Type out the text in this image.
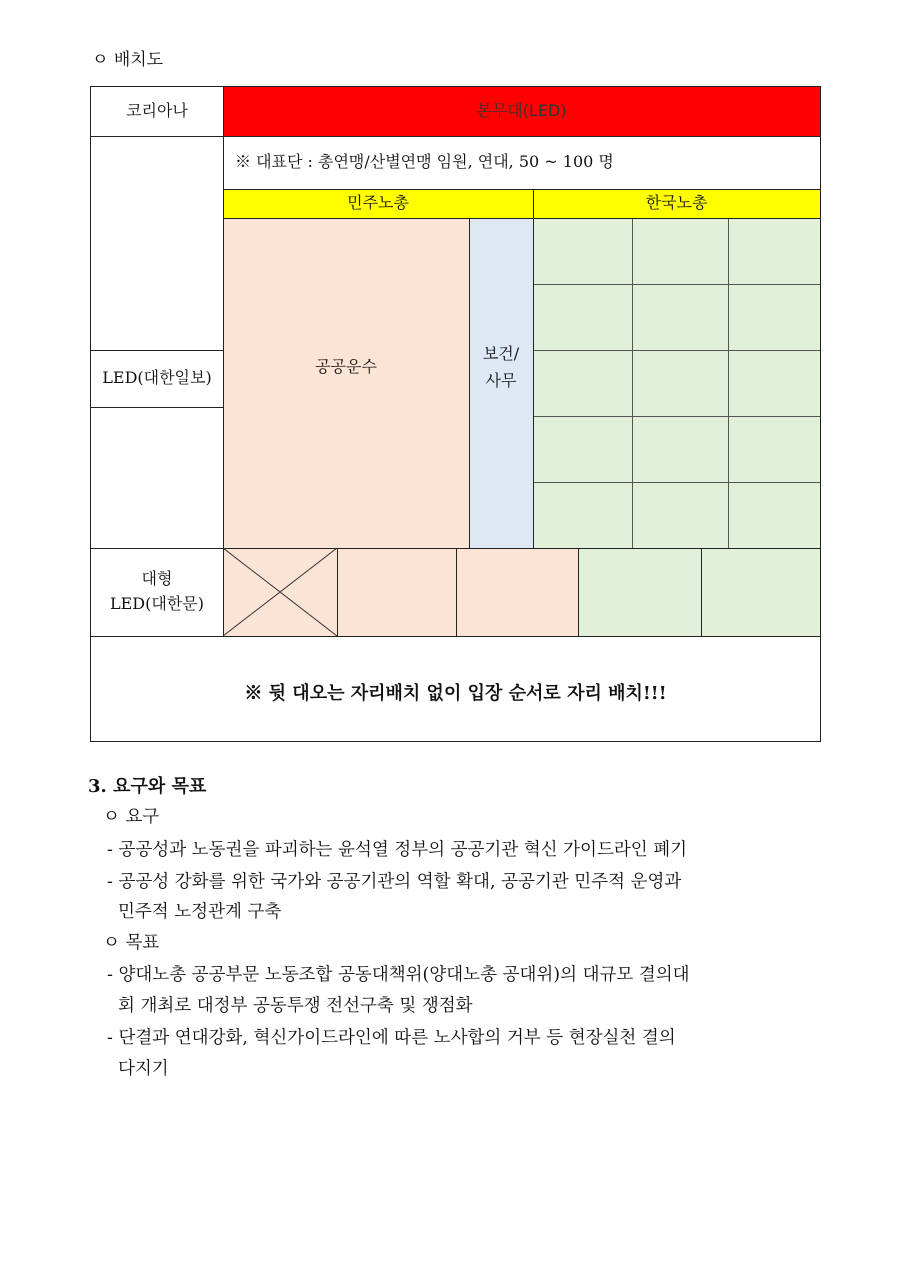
ㅇ 배치도
본무대(LED)
코리아나
※ 대표단 : 총연맹/산별연맹 임원, 연대, 50 ~ 100 명
민주노총	한국노총
공공운수
보건/
사무
LED(대한일보)
대형
LED(대한문)
※ 뒷 대오는 자리배치 없이 입장 순서로 자리 배치!!!
3. 요구와 목표
ㅇ 요구
- 공공성과 노동권을 파괴하는 윤석열 정부의 공공기관 혁신 가이드라인 폐기
- 공공성 강화를 위한 국가와 공공기관의 역할 확대, 공공기관 민주적 운영과
민주적 노정관계 구축
ㅇ 목표
- 양대노총 공공부문 노동조합 공동대책위(양대노총 공대위)의 대규모 결의대
회 개최로 대정부 공동투쟁 전선구축 및 쟁점화
- 단결과 연대강화, 혁신가이드라인에 따른 노사합의 거부 등 현장실천 결의
다지기
